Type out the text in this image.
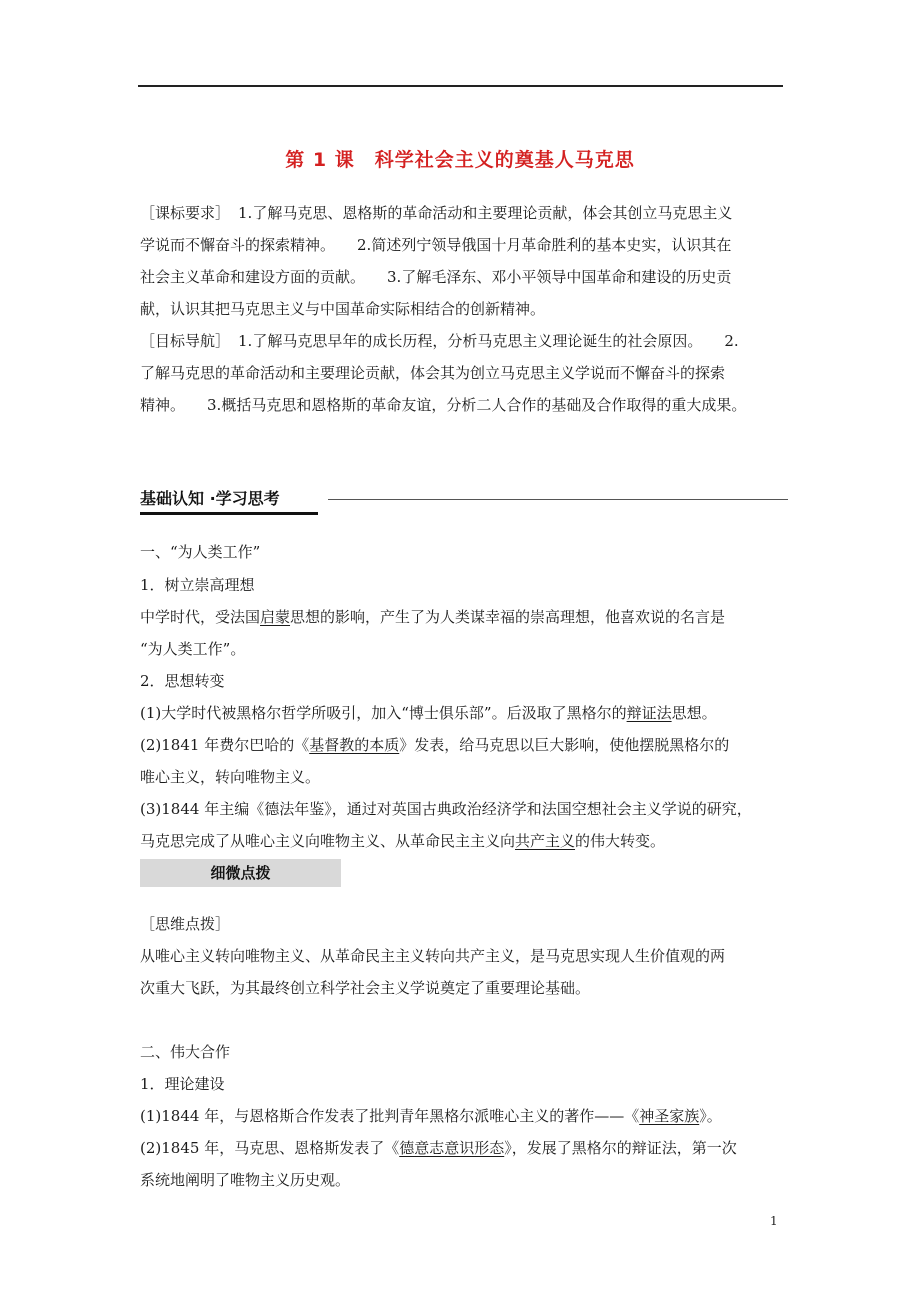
第 1 课 科学社会主义的奠基人马克思

［课标要求］ 1.了解马克思、恩格斯的革命活动和主要理论贡献，体会其创立马克思主义
学说而不懈奋斗的探索精神。 2.简述列宁领导俄国十月革命胜利的基本史实，认识其在
社会主义革命和建设方面的贡献。 3.了解毛泽东、邓小平领导中国革命和建设的历史贡
献，认识其把马克思主义与中国革命实际相结合的创新精神。

［目标导航］ 1.了解马克思早年的成长历程，分析马克思主义理论诞生的社会原因。 2.
了解马克思的革命活动和主要理论贡献，体会其为创立马克思主义学说而不懈奋斗的探索
精神。 3.概括马克思和恩格斯的革命友谊，分析二人合作的基础及合作取得的重大成果。

基础认知 ·学习思考

一、“为人类工作”

1．树立崇高理想

中学时代，受法国启蒙思想的影响，产生了为人类谋幸福的崇高理想，他喜欢说的名言是

“为人类工作”。

2．思想转变

(1)大学时代被黑格尔哲学所吸引，加入“博士俱乐部”。后汲取了黑格尔的辩证法思想。

(2)1841 年费尔巴哈的《基督教的本质》发表，给马克思以巨大影响，使他摆脱黑格尔的

唯心主义，转向唯物主义。

(3)1844 年主编《德法年鉴》，通过对英国古典政治经济学和法国空想社会主义学说的研究，

马克思完成了从唯心主义向唯物主义、从革命民主主义向共产主义的伟大转变。

细微点拨

［思维点拨］

从唯心主义转向唯物主义、从革命民主主义转向共产主义，是马克思实现人生价值观的两

次重大飞跃，为其最终创立科学社会主义学说奠定了重要理论基础。

二、伟大合作

1．理论建设

(1)1844 年，与恩格斯合作发表了批判青年黑格尔派唯心主义的著作——《神圣家族》。

(2)1845 年，马克思、恩格斯发表了《德意志意识形态》，发展了黑格尔的辩证法，第一次

系统地阐明了唯物主义历史观。

1
